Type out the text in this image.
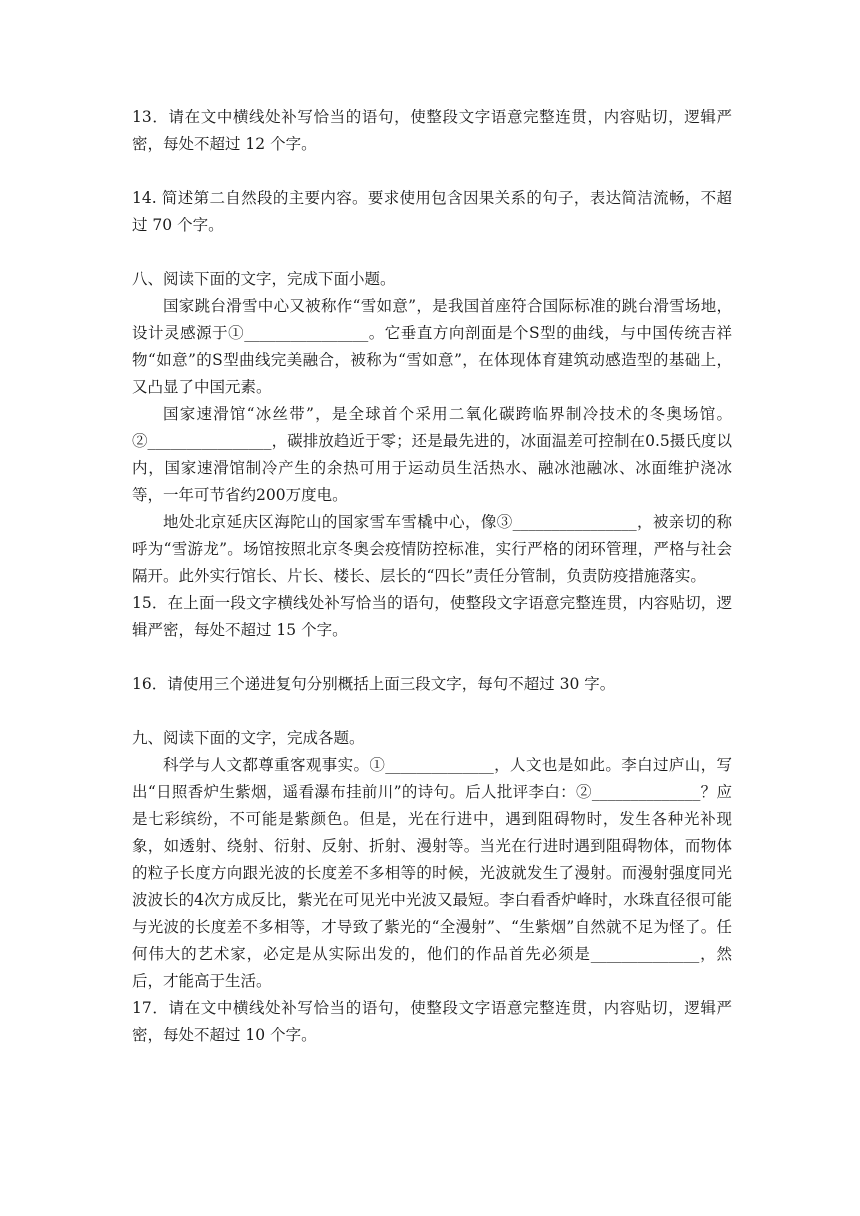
13．请在文中横线处补写恰当的语句，使整段文字语意完整连贯，内容贴切，逻辑严密，每处不超过 12 个字。

14. 简述第二自然段的主要内容。要求使用包含因果关系的句子，表达简洁流畅，不超过 70 个字。

八、阅读下面的文字，完成下面小题。

国家跳台滑雪中心又被称作“雪如意”，是我国首座符合国际标准的跳台滑雪场地，设计灵感源于①________________。它垂直方向剖面是个S型的曲线，与中国传统吉祥物“如意”的S型曲线完美融合，被称为“雪如意”，在体现体育建筑动感造型的基础上，又凸显了中国元素。

国家速滑馆“冰丝带”，是全球首个采用二氧化碳跨临界制冷技术的冬奥场馆。②________________，碳排放趋近于零；还是最先进的，冰面温差可控制在0.5摄氏度以内，国家速滑馆制冷产生的余热可用于运动员生活热水、融冰池融冰、冰面维护浇冰等，一年可节省约200万度电。

地处北京延庆区海陀山的国家雪车雪橇中心，像③________________，被亲切的称呼为“雪游龙”。场馆按照北京冬奥会疫情防控标准，实行严格的闭环管理，严格与社会隔开。此外实行馆长、片长、楼长、层长的“四长”责任分管制，负责防疫措施落实。

15．在上面一段文字横线处补写恰当的语句，使整段文字语意完整连贯，内容贴切，逻辑严密，每处不超过 15 个字。

16．请使用三个递进复句分别概括上面三段文字，每句不超过 30 字。

九、阅读下面的文字，完成各题。

科学与人文都尊重客观事实。①______________，人文也是如此。李白过庐山，写出“日照香炉生紫烟，遥看瀑布挂前川”的诗句。后人批评李白：②______________？应是七彩缤纷，不可能是紫颜色。但是，光在行进中，遇到阻碍物时，发生各种光补现象，如透射、绕射、衍射、反射、折射、漫射等。当光在行进时遇到阻碍物体，而物体的粒子长度方向跟光波的长度差不多相等的时候，光波就发生了漫射。而漫射强度同光波波长的4次方成反比，紫光在可见光中光波又最短。李白看香炉峰时，水珠直径很可能与光波的长度差不多相等，才导致了紫光的“全漫射”、“生紫烟”自然就不足为怪了。任何伟大的艺术家，必定是从实际出发的，他们的作品首先必须是______________，然后，才能高于生活。

17．请在文中横线处补写恰当的语句，使整段文字语意完整连贯，内容贴切，逻辑严密，每处不超过 10 个字。
